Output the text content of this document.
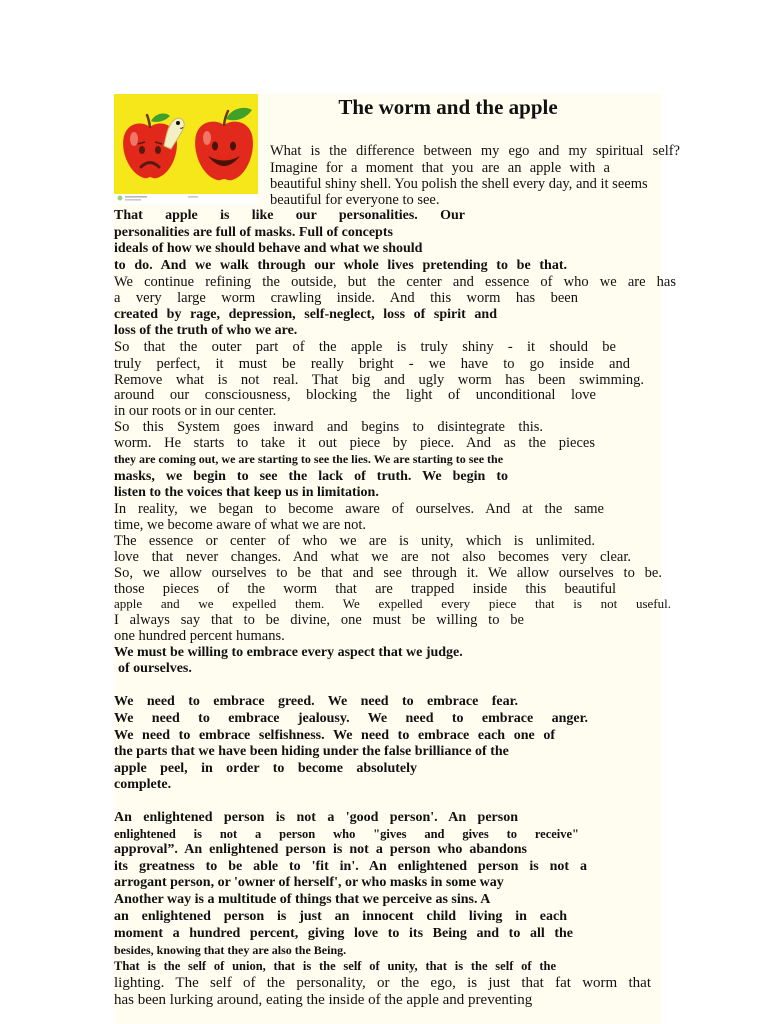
The worm and the apple
What is the difference between my ego and my spiritual self?
Imagine for a moment that you are an apple with a
beautiful shiny shell. You polish the shell every day, and it seems
beautiful for everyone to see.
That apple is like our personalities. Our
personalities are full of masks. Full of concepts
ideals of how we should behave and what we should
to do. And we walk through our whole lives pretending to be that.
We continue refining the outside, but the center and essence of who we are has
a very large worm crawling inside. And this worm has been
created by rage, depression, self-neglect, loss of spirit and
loss of the truth of who we are.
So that the outer part of the apple is truly shiny - it should be
truly perfect, it must be really bright - we have to go inside and
Remove what is not real. That big and ugly worm has been swimming.
around our consciousness, blocking the light of unconditional love
in our roots or in our center.
So this System goes inward and begins to disintegrate this.
worm. He starts to take it out piece by piece. And as the pieces
they are coming out, we are starting to see the lies. We are starting to see the
masks, we begin to see the lack of truth. We begin to
listen to the voices that keep us in limitation.
In reality, we began to become aware of ourselves. And at the same
time, we become aware of what we are not.
The essence or center of who we are is unity, which is unlimited.
love that never changes. And what we are not also becomes very clear.
So, we allow ourselves to be that and see through it. We allow ourselves to be.
those pieces of the worm that are trapped inside this beautiful
apple and we expelled them. We expelled every piece that is not useful.
I always say that to be divine, one must be willing to be
one hundred percent humans.
We must be willing to embrace every aspect that we judge.
of ourselves.
We need to embrace greed. We need to embrace fear.
We need to embrace jealousy. We need to embrace anger.
We need to embrace selfishness. We need to embrace each one of
the parts that we have been hiding under the false brilliance of the
apple peel, in order to become absolutely
complete.
An enlightened person is not a 'good person'. An person
enlightened is not a person who "gives and gives to receive"
approval”. An enlightened person is not a person who abandons
its greatness to be able to 'fit in'. An enlightened person is not a
arrogant person, or 'owner of herself', or who masks in some way
Another way is a multitude of things that we perceive as sins. A
an enlightened person is just an innocent child living in each
moment a hundred percent, giving love to its Being and to all the
besides, knowing that they are also the Being.
That is the self of union, that is the self of unity, that is the self of the
lighting. The self of the personality, or the ego, is just that fat worm that
has been lurking around, eating the inside of the apple and preventing
